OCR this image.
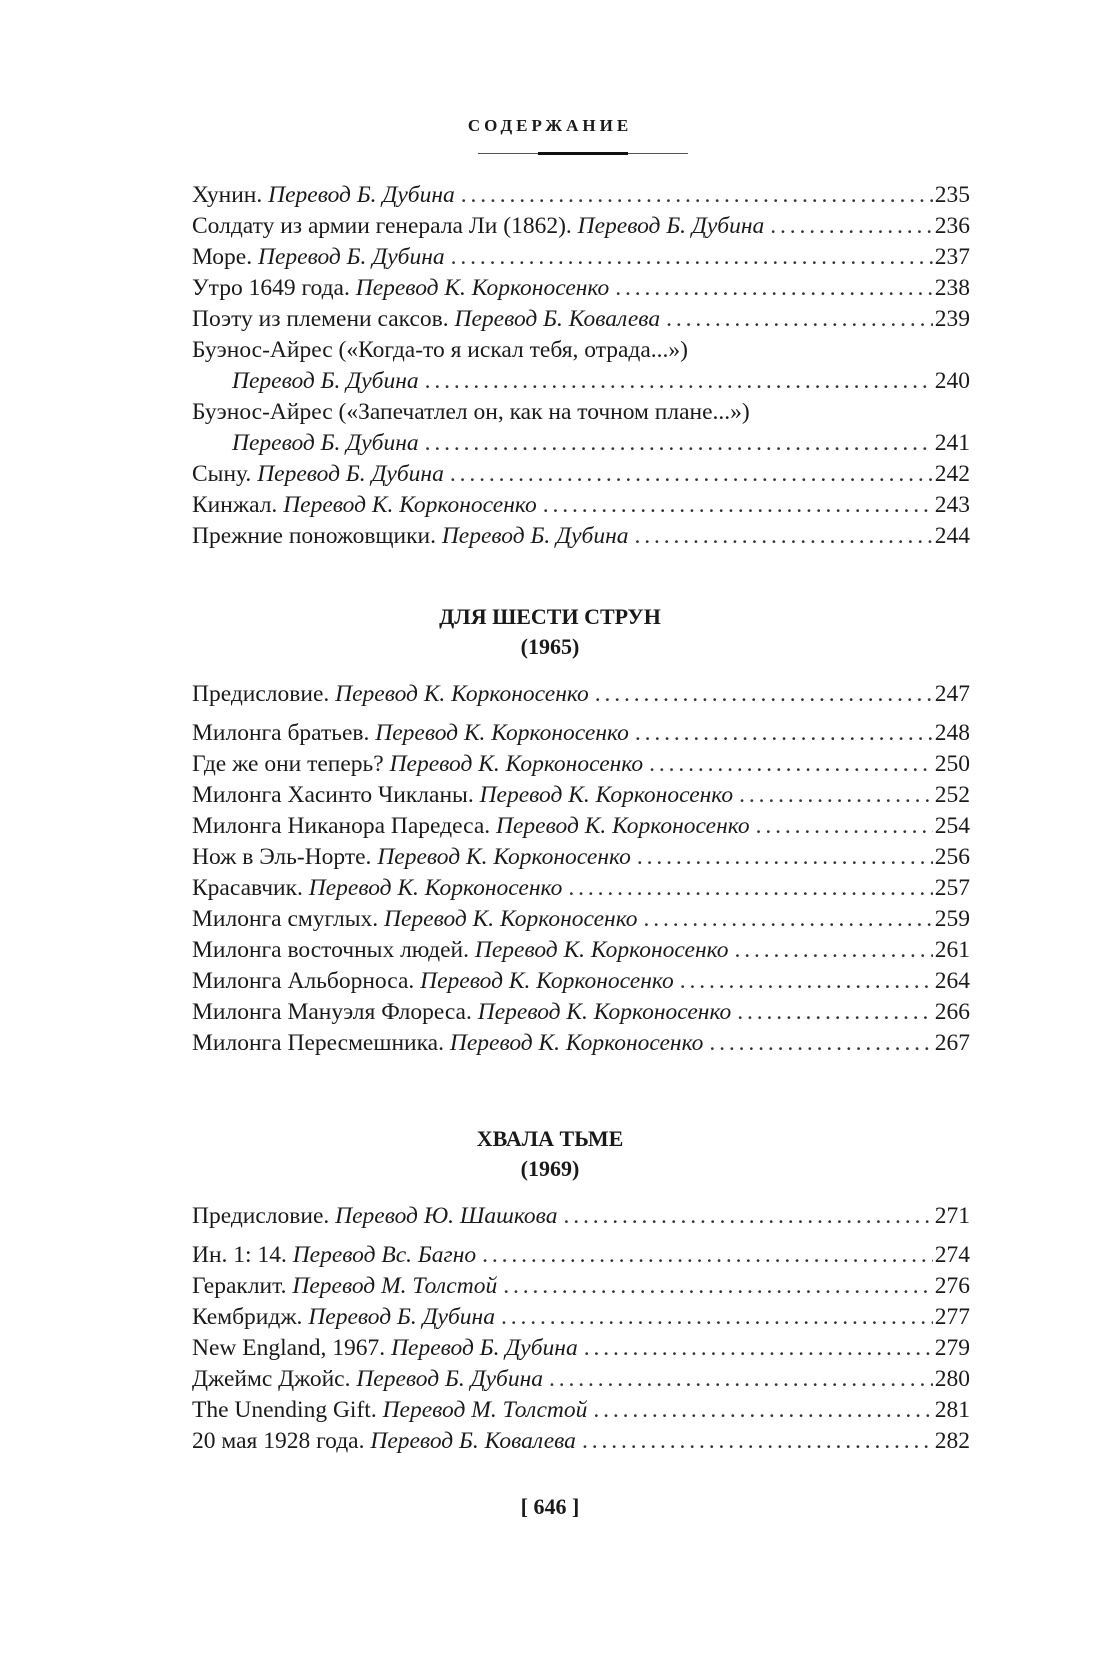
СОДЕРЖАНИЕ
Хунин. Перевод Б. Дубина . . .	235
Солдату из армии генерала Ли (1862). Перевод Б. Дубина . . .	236
Море. Перевод Б. Дубина . . .	237
Утро 1649 года. Перевод К. Корконосенко . . .	238
Поэту из племени саксов. Перевод Б. Ковалева . . .	239
Буэнос-Айрес («Когда-то я искал тебя, отрада...»)
Перевод Б. Дубина . . .	240
Буэнос-Айрес («Запечатлел он, как на точном плане...»)
Перевод Б. Дубина . . .	241
Сыну. Перевод Б. Дубина . . .	242
Кинжал. Перевод К. Корконосенко . . .	243
Прежние поножовщики. Перевод Б. Дубина . . .	244
ДЛЯ ШЕСТИ СТРУН
(1965)
Предисловие. Перевод К. Корконосенко . . .	247
Милонга братьев. Перевод К. Корконосенко . . .	248
Где же они теперь? Перевод К. Корконосенко . . .	250
Милонга Хасинто Чикланы. Перевод К. Корконосенко . . .	252
Милонга Никанора Паредеса. Перевод К. Корконосенко . . .	254
Нож в Эль-Норте. Перевод К. Корконосенко . . .	256
Красавчик. Перевод К. Корконосенко . . .	257
Милонга смуглых. Перевод К. Корконосенко . . .	259
Милонга восточных людей. Перевод К. Корконосенко . . .	261
Милонга Альборноса. Перевод К. Корконосенко . . .	264
Милонга Мануэля Флореса. Перевод К. Корконосенко . . .	266
Милонга Пересмешника. Перевод К. Корконосенко . . .	267
ХВАЛА ТЬМЕ
(1969)
Предисловие. Перевод Ю. Шашкова . . .	271
Ин. 1: 14. Перевод Вс. Багно . . .	274
Гераклит. Перевод М. Толстой . . .	276
Кембридж. Перевод Б. Дубина . . .	277
New England, 1967. Перевод Б. Дубина . . .	279
Джеймс Джойс. Перевод Б. Дубина . . .	280
The Unending Gift. Перевод М. Толстой . . .	281
20 мая 1928 года. Перевод Б. Ковалева . . .	282
[ 646 ]
